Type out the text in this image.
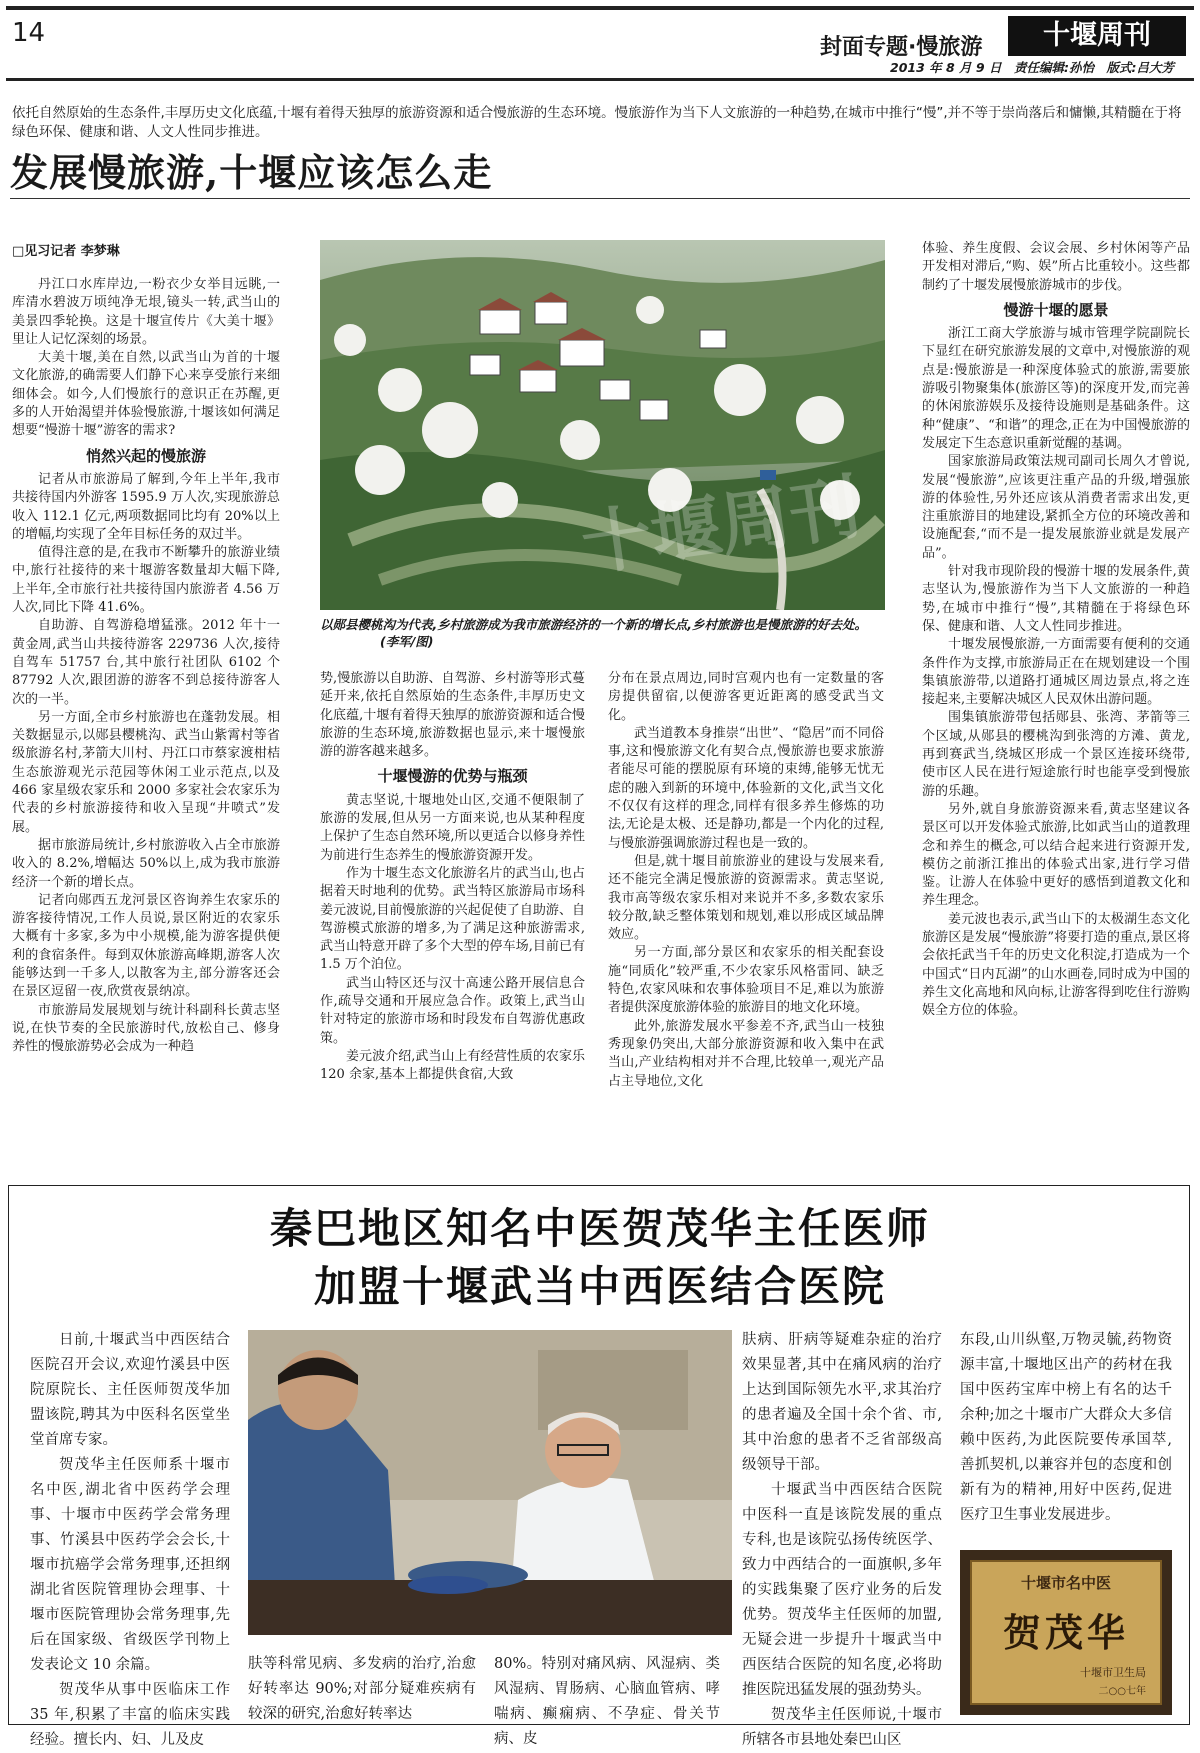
14	封面专题·慢旅游	十堰周刊
2013 年 8 月 9 日　责任编辑:孙怡　版式:吕大芳
依托自然原始的生态条件,丰厚历史文化底蕴,十堰有着得天独厚的旅游资源和适合慢旅游的生态环境。慢旅游作为当下人文旅游的一种趋势,在城市中推行“慢”,并不等于崇尚落后和慵懒,其精髓在于将绿色环保、健康和谐、人文人性同步推进。
发展慢旅游,十堰应该怎么走
□见习记者 李梦琳
十堰周刊
以郧县樱桃沟为代表,乡村旅游成为我市旅游经济的一个新的增长点,乡村旅游也是慢旅游的好去处。 (李军/图)

丹江口水库岸边,一粉衣少女举目远眺,一库清水碧波万顷纯净无垠,镜头一转,武当山的美景四季轮换。这是十堰宣传片《大美十堰》里让人记忆深刻的场景。

大美十堰,美在自然,以武当山为首的十堰文化旅游,的确需要人们静下心来享受旅行来细细体会。如今,人们慢旅行的意识正在苏醒,更多的人开始渴望并体验慢旅游,十堰该如何满足想要“慢游十堰”游客的需求?

悄然兴起的慢旅游

记者从市旅游局了解到,今年上半年,我市共接待国内外游客 1595.9 万人次,实现旅游总收入 112.1 亿元,两项数据同比均有 20%以上的增幅,均实现了全年目标任务的双过半。

值得注意的是,在我市不断攀升的旅游业绩中,旅行社接待的来十堰游客数量却大幅下降,上半年,全市旅行社共接待国内旅游者 4.56 万人次,同比下降 41.6%。

自助游、自驾游稳增猛涨。2012 年十一黄金周,武当山共接待游客 229736 人次,接待自驾车 51757 台,其中旅行社团队 6102 个 87792 人次,跟团游的游客不到总接待游客人次的一半。

另一方面,全市乡村旅游也在蓬勃发展。相关数据显示,以郧县樱桃沟、武当山紫霄村等省级旅游名村,茅箭大川村、丹江口市蔡家渡柑桔生态旅游观光示范园等休闲工业示范点,以及 466 家星级农家乐和 2000 多家社会农家乐为代表的乡村旅游接待和收入呈现“井喷式”发展。

据市旅游局统计,乡村旅游收入占全市旅游收入的 8.2%,增幅达 50%以上,成为我市旅游经济一个新的增长点。

记者向郧西五龙河景区咨询养生农家乐的游客接待情况,工作人员说,景区附近的农家乐大概有十多家,多为中小规模,能为游客提供便利的食宿条件。每到双休旅游高峰期,游客人次能够达到一千多人,以散客为主,部分游客还会在景区逗留一夜,欣赏夜景纳凉。

市旅游局发展规划与统计科副科长黄志坚说,在快节奏的全民旅游时代,放松自己、修身养性的慢旅游势必会成为一种趋

势,慢旅游以自助游、自驾游、乡村游等形式蔓延开来,依托自然原始的生态条件,丰厚历史文化底蕴,十堰有着得天独厚的旅游资源和适合慢旅游的生态环境,旅游数据也显示,来十堰慢旅游的游客越来越多。

十堰慢游的优势与瓶颈

黄志坚说,十堰地处山区,交通不便限制了旅游的发展,但从另一方面来说,也从某种程度上保护了生态自然环境,所以更适合以修身养性为前进行生态养生的慢旅游资源开发。

作为十堰生态文化旅游名片的武当山,也占据着天时地利的优势。武当特区旅游局市场科姜元波说,目前慢旅游的兴起促使了自助游、自驾游模式旅游的增多,为了满足这种旅游需求,武当山特意开辟了多个大型的停车场,目前已有 1.5 万个泊位。

武当山特区还与汉十高速公路开展信息合作,疏导交通和开展应急合作。政策上,武当山针对特定的旅游市场和时段发布自驾游优惠政策。

姜元波介绍,武当山上有经营性质的农家乐 120 余家,基本上都提供食宿,大致

分布在景点周边,同时宫观内也有一定数量的客房提供留宿,以便游客更近距离的感受武当文化。

武当道教本身推崇“出世”、“隐居”而不同俗事,这和慢旅游文化有契合点,慢旅游也要求旅游者能尽可能的摆脱原有环境的束缚,能够无忧无虑的融入到新的环境中,体验新的文化,武当文化不仅仅有这样的理念,同样有很多养生修炼的功法,无论是太极、还是静功,都是一个内化的过程,与慢旅游强调旅游过程也是一致的。

但是,就十堰目前旅游业的建设与发展来看,还不能完全满足慢旅游的资源需求。黄志坚说,我市高等级农家乐相对来说并不多,多数农家乐较分散,缺乏整体策划和规划,难以形成区域品牌效应。

另一方面,部分景区和农家乐的相关配套设施“同质化”较严重,不少农家乐风格雷同、缺乏特色,农家风味和农事体验项目不足,难以为旅游者提供深度旅游体验的旅游目的地文化环境。

此外,旅游发展水平参差不齐,武当山一枝独秀现象仍突出,大部分旅游资源和收入集中在武当山,产业结构相对并不合理,比较单一,观光产品占主导地位,文化

体验、养生度假、会议会展、乡村休闲等产品开发相对滞后,“购、娱”所占比重较小。这些都制约了十堰发展慢旅游城市的步伐。

慢游十堰的愿景

浙江工商大学旅游与城市管理学院副院长下显红在研究旅游发展的文章中,对慢旅游的观点是:慢旅游是一种深度体验式的旅游,需要旅游吸引物聚集体(旅游区等)的深度开发,而完善的休闲旅游娱乐及接待设施则是基础条件。这种“健康”、“和谐”的理念,正在为中国慢旅游的发展定下生态意识重新觉醒的基调。

国家旅游局政策法规司副司长周久才曾说,发展“慢旅游”,应该更注重产品的升级,增强旅游的体验性,另外还应该从消费者需求出发,更注重旅游目的地建设,紧抓全方位的环境改善和设施配套,“而不是一提发展旅游业就是发展产品”。

针对我市现阶段的慢游十堰的发展条件,黄志坚认为,慢旅游作为当下人文旅游的一种趋势,在城市中推行“慢”,其精髓在于将绿色环保、健康和谐、人文人性同步推进。

十堰发展慢旅游,一方面需要有便利的交通条件作为支撑,市旅游局正在在规划建设一个围集镇旅游带,以道路打通城区周边景点,将之连接起来,主要解决城区人民双休出游问题。

围集镇旅游带包括郧县、张湾、茅箭等三个区域,从郧县的樱桃沟到张湾的方滩、黄龙,再到赛武当,绕城区形成一个景区连接环绕带,使市区人民在进行短途旅行时也能享受到慢旅游的乐趣。

另外,就自身旅游资源来看,黄志坚建议各景区可以开发体验式旅游,比如武当山的道教理念和养生的概念,可以结合起来进行资源开发,模仿之前浙江推出的体验式出家,进行学习借鉴。让游人在体验中更好的感悟到道教文化和养生理念。

姜元波也表示,武当山下的太极湖生态文化旅游区是发展“慢旅游”将要打造的重点,景区将会依托武当千年的历史文化积淀,打造成为一个中国式“日内瓦湖”的山水画卷,同时成为中国的养生文化高地和风向标,让游客得到吃住行游购娱全方位的体验。

秦巴地区知名中医贺茂华主任医师
加盟十堰武当中西医结合医院

日前,十堰武当中西医结合医院召开会议,欢迎竹溪县中医院原院长、主任医师贺茂华加盟该院,聘其为中医科名医堂坐堂首席专家。

贺茂华主任医师系十堰市名中医,湖北省中医药学会理事、十堰市中医药学会常务理事、竹溪县中医药学会会长,十堰市抗癌学会常务理事,还担纲湖北省医院管理协会理事、十堰市医院管理协会常务理事,先后在国家级、省级医学刊物上发表论文 10 余篇。

贺茂华从事中医临床工作 35 年,积累了丰富的临床实践经验。擅长内、妇、儿及皮

肤等科常见病、多发病的治疗,治愈好转率达 90%;对部分疑难疾病有较深的研究,治愈好转率达

80%。特别对痛风病、风湿病、类风湿病、胃肠病、心脑血管病、哮喘病、癫痫病、不孕症、骨关节病、皮

肤病、肝病等疑难杂症的治疗效果显著,其中在痛风病的治疗上达到国际领先水平,求其治疗的患者遍及全国十余个省、市,其中治愈的患者不乏省部级高级领导干部。

十堰武当中西医结合医院中医科一直是该院发展的重点专科,也是该院弘扬传统医学、致力中西结合的一面旗帜,多年的实践集聚了医疗业务的后发优势。贺茂华主任医师的加盟,无疑会进一步提升十堰武当中西医结合医院的知名度,必将助推医院迅猛发展的强劲势头。

贺茂华主任医师说,十堰市所辖各市县地处秦巴山区

东段,山川纵壑,万物灵毓,药物资源丰富,十堰地区出产的药材在我国中医药宝库中榜上有名的达千余种;加之十堰市广大群众大多信赖中医药,为此医院要传承国萃,善抓契机,以兼容并包的态度和创新有为的精神,用好中医药,促进医疗卫生事业发展进步。

十堰市名中医
贺茂华
十堰市卫生局
二○○七年
